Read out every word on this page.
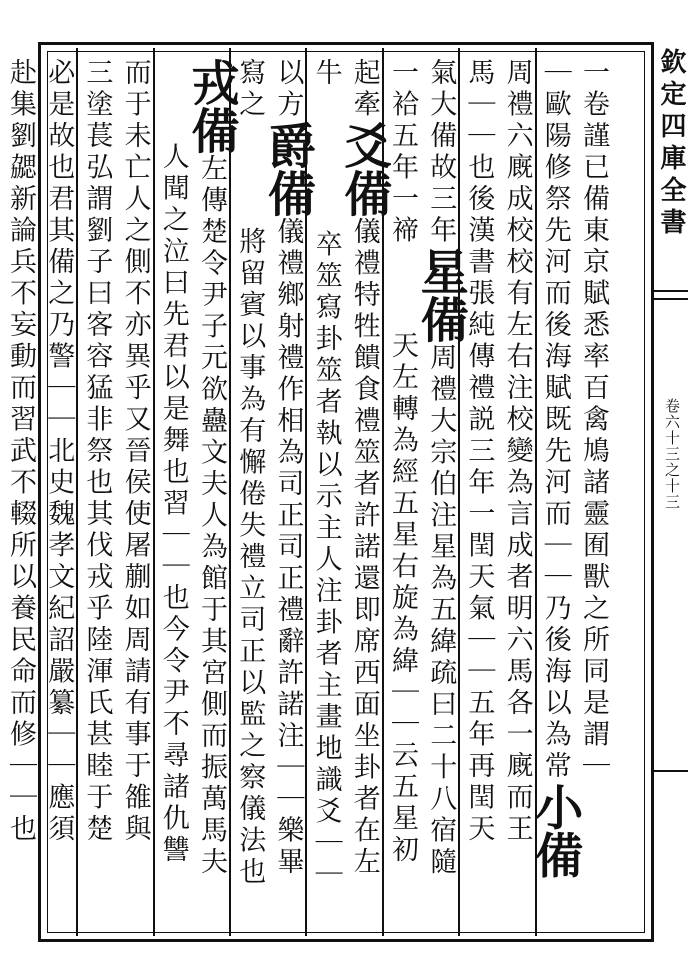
欽定四庫全書
卷六十三之十三
一卷謹已備東京賦悉率百禽鳩諸靈囿獸之所同是謂｜
｜歐陽修祭先河而後海賦既先河而｜｜乃後海以為常小備
周禮六廐成校校有左右注校變為言成者明六馬各一廐而王
馬｜｜也後漢書張純傳禮説三年一閏天氣｜｜五年再閏天
氣大備故三年星備周禮大宗伯注星為五緯疏曰二十八宿隨
一袷五年一禘天左轉為經五星右旋為緯｜｜云五星初
起牽爻備儀禮特牲饋食禮筮者許諾還即席西面坐卦者在左
牛卒筮寫卦筮者執以示主人注卦者主畫地識爻｜｜
以方爵備儀禮鄉射禮作相為司正司正禮辭許諾注｜｜樂畢
寫之將留賓以事為有懈倦失禮立司正以監之察儀法也
戎備左傳楚令尹子元欲蠱文夫人為館于其宮側而振萬馬夫
人聞之泣曰先君以是舞也習｜｜也今令尹不尋諸仇讐
而于未亡人之側不亦異乎又晉侯使屠蒯如周請有事于雒與
三塗萇弘謂劉子曰客容猛非祭也其伐戎乎陸渾氏甚睦于楚
必是故也君其備之乃警｜｜北史魏孝文紀詔嚴纂｜｜應須
赴集劉勰新論兵不妄動而習武不輟所以養民命而修｜｜也
